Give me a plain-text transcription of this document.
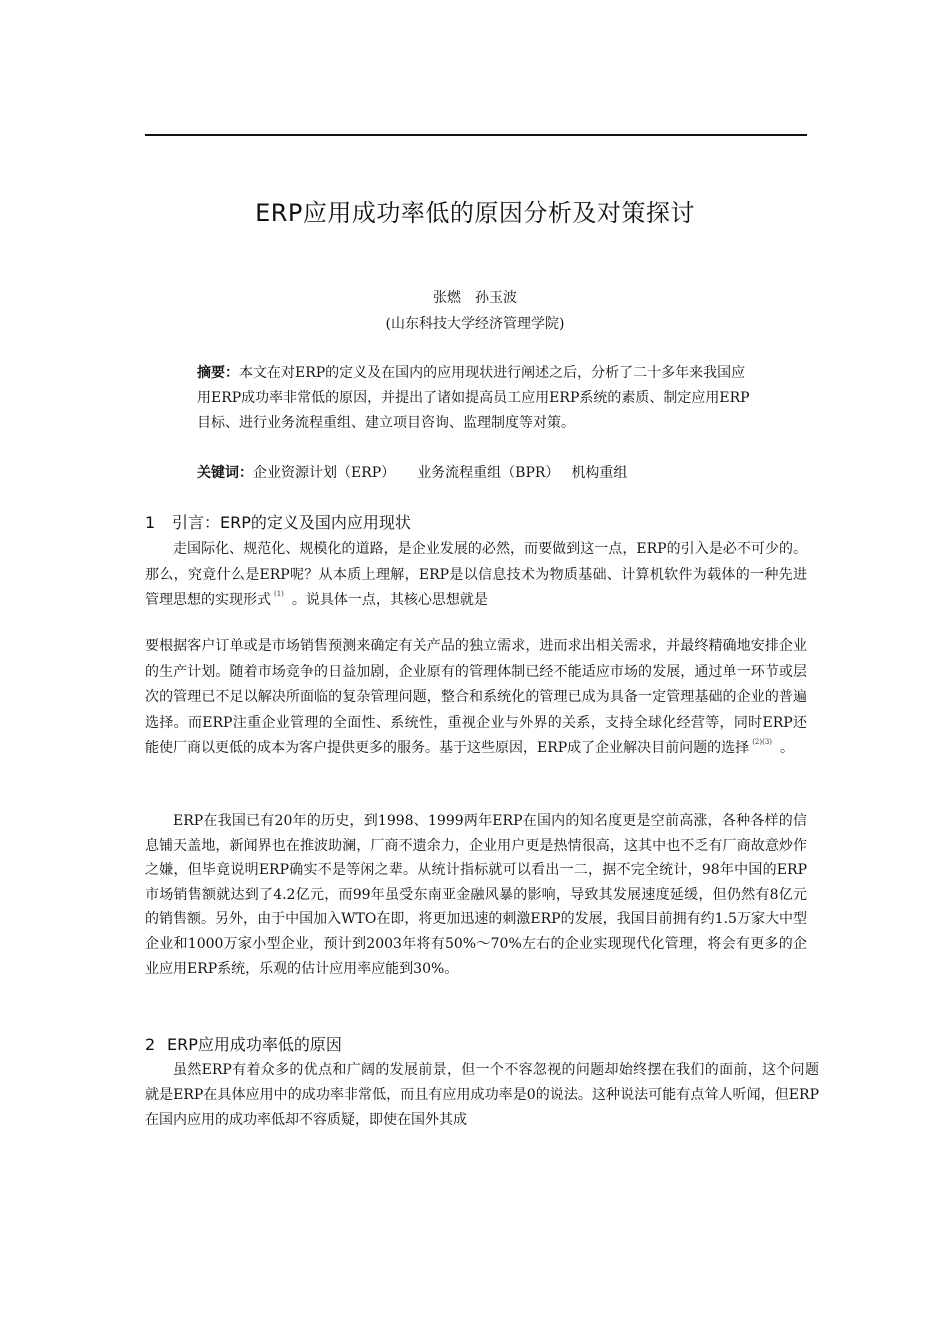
ERP应用成功率低的原因分析及对策探讨
张燃　孙玉波
(山东科技大学经济管理学院)

摘要：本文在对ERP的定义及在国内的应用现状进行阐述之后，分析了二十多年来我国应用ERP成功率非常低的原因，并提出了诸如提高员工应用ERP系统的素质、制定应用ERP目标、进行业务流程重组、建立项目咨询、监理制度等对策。

关键词：企业资源计划（ERP） 业务流程重组（BPR） 机构重组
1 引言：ERP的定义及国内应用现状

走国际化、规范化、规模化的道路，是企业发展的必然，而要做到这一点，ERP的引入是必不可少的。那么，究竟什么是ERP呢？从本质上理解，ERP是以信息技术为物质基础、计算机软件为载体的一种先进管理思想的实现形式 $^{(1)}$ 。说具体一点，其核心思想就是

要根据客户订单或是市场销售预测来确定有关产品的独立需求，进而求出相关需求，并最终精确地安排企业的生产计划。随着市场竞争的日益加剧，企业原有的管理体制已经不能适应市场的发展，通过单一环节或层次的管理已不足以解决所面临的复杂管理问题，整合和系统化的管理已成为具备一定管理基础的企业的普遍选择。而ERP注重企业管理的全面性、系统性，重视企业与外界的关系，支持全球化经营等，同时ERP还能使厂商以更低的成本为客户提供更多的服务。基于这些原因，ERP成了企业解决目前问题的选择 $^{(2)(3)}$ 。

ERP在我国已有20年的历史，到1998、1999两年ERP在国内的知名度更是空前高涨，各种各样的信息铺天盖地，新闻界也在推波助澜，厂商不遗余力，企业用户更是热情很高，这其中也不乏有厂商故意炒作之嫌，但毕竟说明ERP确实不是等闲之辈。从统计指标就可以看出一二，据不完全统计，98年中国的ERP市场销售额就达到了4.2亿元，而99年虽受东南亚金融风暴的影响，导致其发展速度延缓，但仍然有8亿元的销售额。另外，由于中国加入WTO在即，将更加迅速的刺激ERP的发展，我国目前拥有约1.5万家大中型企业和1000万家小型企业，预计到2003年将有50%～70%左右的企业实现现代化管理，将会有更多的企业应用ERP系统，乐观的估计应用率应能到30%。

2 ERP应用成功率低的原因

虽然ERP有着众多的优点和广阔的发展前景，但一个不容忽视的问题却始终摆在我们的面前，这个问题就是ERP在具体应用中的成功率非常低，而且有应用成功率是0的说法。这种说法可能有点耸人听闻，但ERP在国内应用的成功率低却不容质疑，即使在国外其成
